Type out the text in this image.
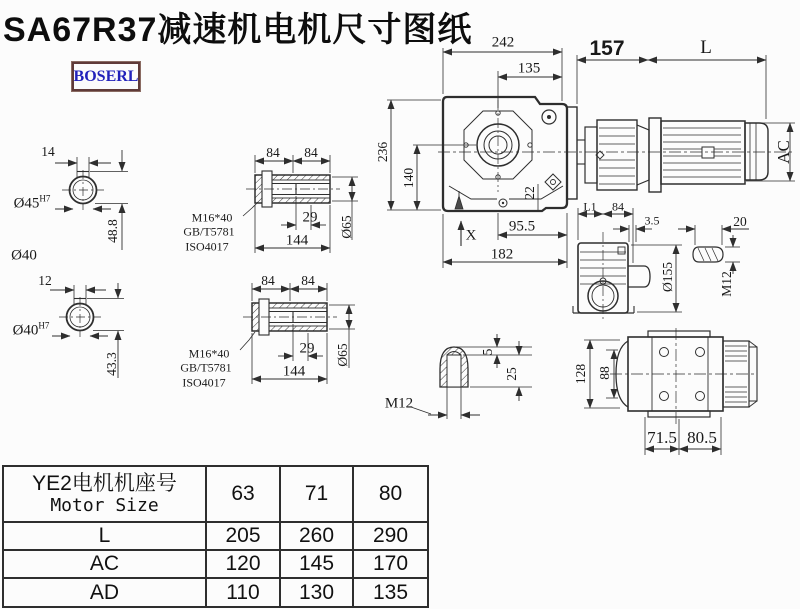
SA67R37减速机电机尺寸图纸
BOSERL
14
$Ø45^{H7}$
48.8
Ø40
12
$Ø40^{H7}$
43.3
84 84
M16*40
GB/T5781
ISO4017
29
144
Ø65
84 84
M16*40
GB/T5781
ISO4017
29
144
Ø65
242
135
157	L
236
140
22
X
95.5
182
AC
L1 84
3.5
Ø155
20
M12
5
25
M12
128 88
71.5 80.5
YE2电机机座号
Motor Size	63	71	80
L	205	260	290
AC	120	145	170
AD	110	130	135
